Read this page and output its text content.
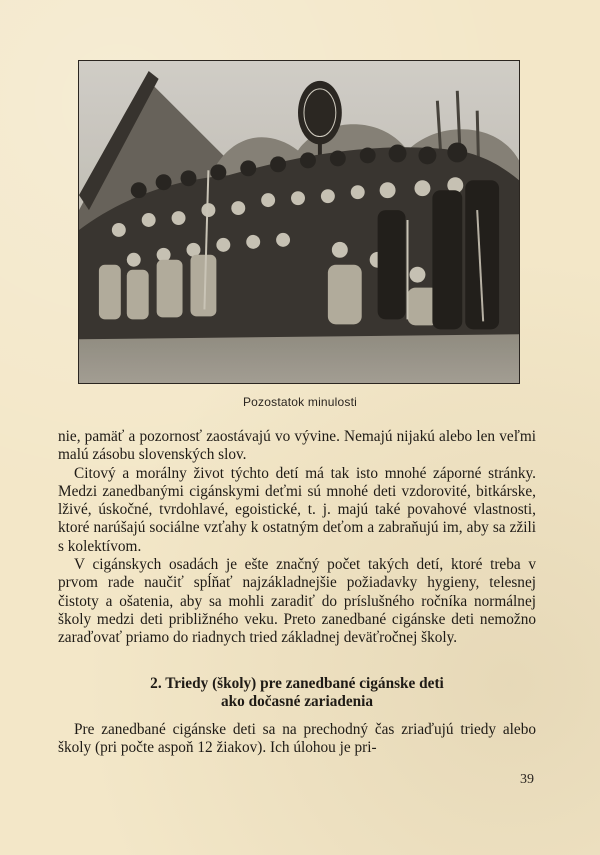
Pozostatok minulosti

nie, pamäť a pozornosť zaostávajú vo vývine. Nemajú nijakú alebo len veľmi malú zásobu slovenských slov.

Citový a morálny život týchto detí má tak isto mnohé záporné stránky. Medzi zanedbanými cigánskymi deťmi sú mnohé deti vzdorovité, bitkárske, lživé, úskočné, tvrdohlavé, egoistické, t. j. majú také povahové vlastnosti, ktoré narúšajú sociálne vzťahy k ostatným deťom a zabraňujú im, aby sa zžili s kolektívom.

V cigánskych osadách je ešte značný počet takých detí, ktoré treba v prvom rade naučiť spĺňať najzákladnejšie požiadavky hygieny, telesnej čistoty a ošatenia, aby sa mohli zaradiť do príslušného ročníka normálnej školy medzi deti približného veku. Preto zanedbané cigánske deti nemožno zaraďovať priamo do riadnych tried základnej deväťročnej školy.

2. Triedy (školy) pre zanedbané cigánske deti
ako dočasné zariadenia

Pre zanedbané cigánske deti sa na prechodný čas zriaďujú triedy alebo školy (pri počte aspoň 12 žiakov). Ich úlohou je pri-

39
